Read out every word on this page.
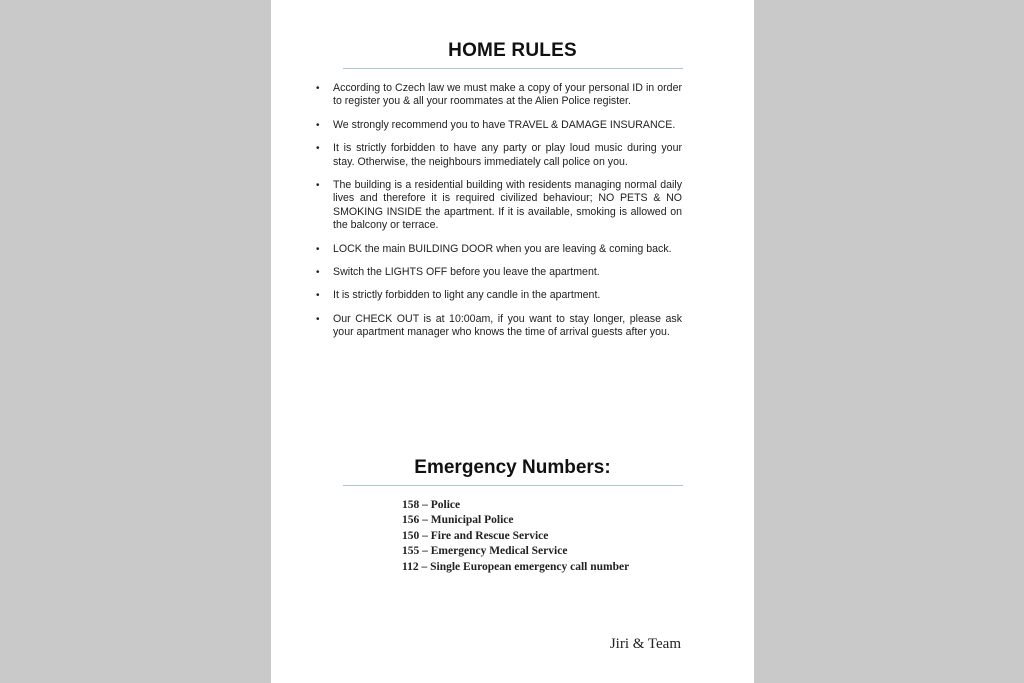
HOME RULES
• According to Czech law we must make a copy of your personal ID in order to register you & all your roommates at the Alien Police register.
• We strongly recommend you to have TRAVEL & DAMAGE INSURANCE.
• It is strictly forbidden to have any party or play loud music during your stay. Otherwise, the neighbours immediately call police on you.
• The building is a residential building with residents managing normal daily lives and therefore it is required civilized behaviour; NO PETS & NO SMOKING INSIDE the apartment. If it is available, smoking is allowed on the balcony or terrace.
• LOCK the main BUILDING DOOR when you are leaving & coming back.
• Switch the LIGHTS OFF before you leave the apartment.
• It is strictly forbidden to light any candle in the apartment.
• Our CHECK OUT is at 10:00am, if you want to stay longer, please ask your apartment manager who knows the time of arrival guests after you.
Emergency Numbers:
158 – Police
156 – Municipal Police
150 – Fire and Rescue Service
155 – Emergency Medical Service
112 – Single European emergency call number
Jiri & Team
